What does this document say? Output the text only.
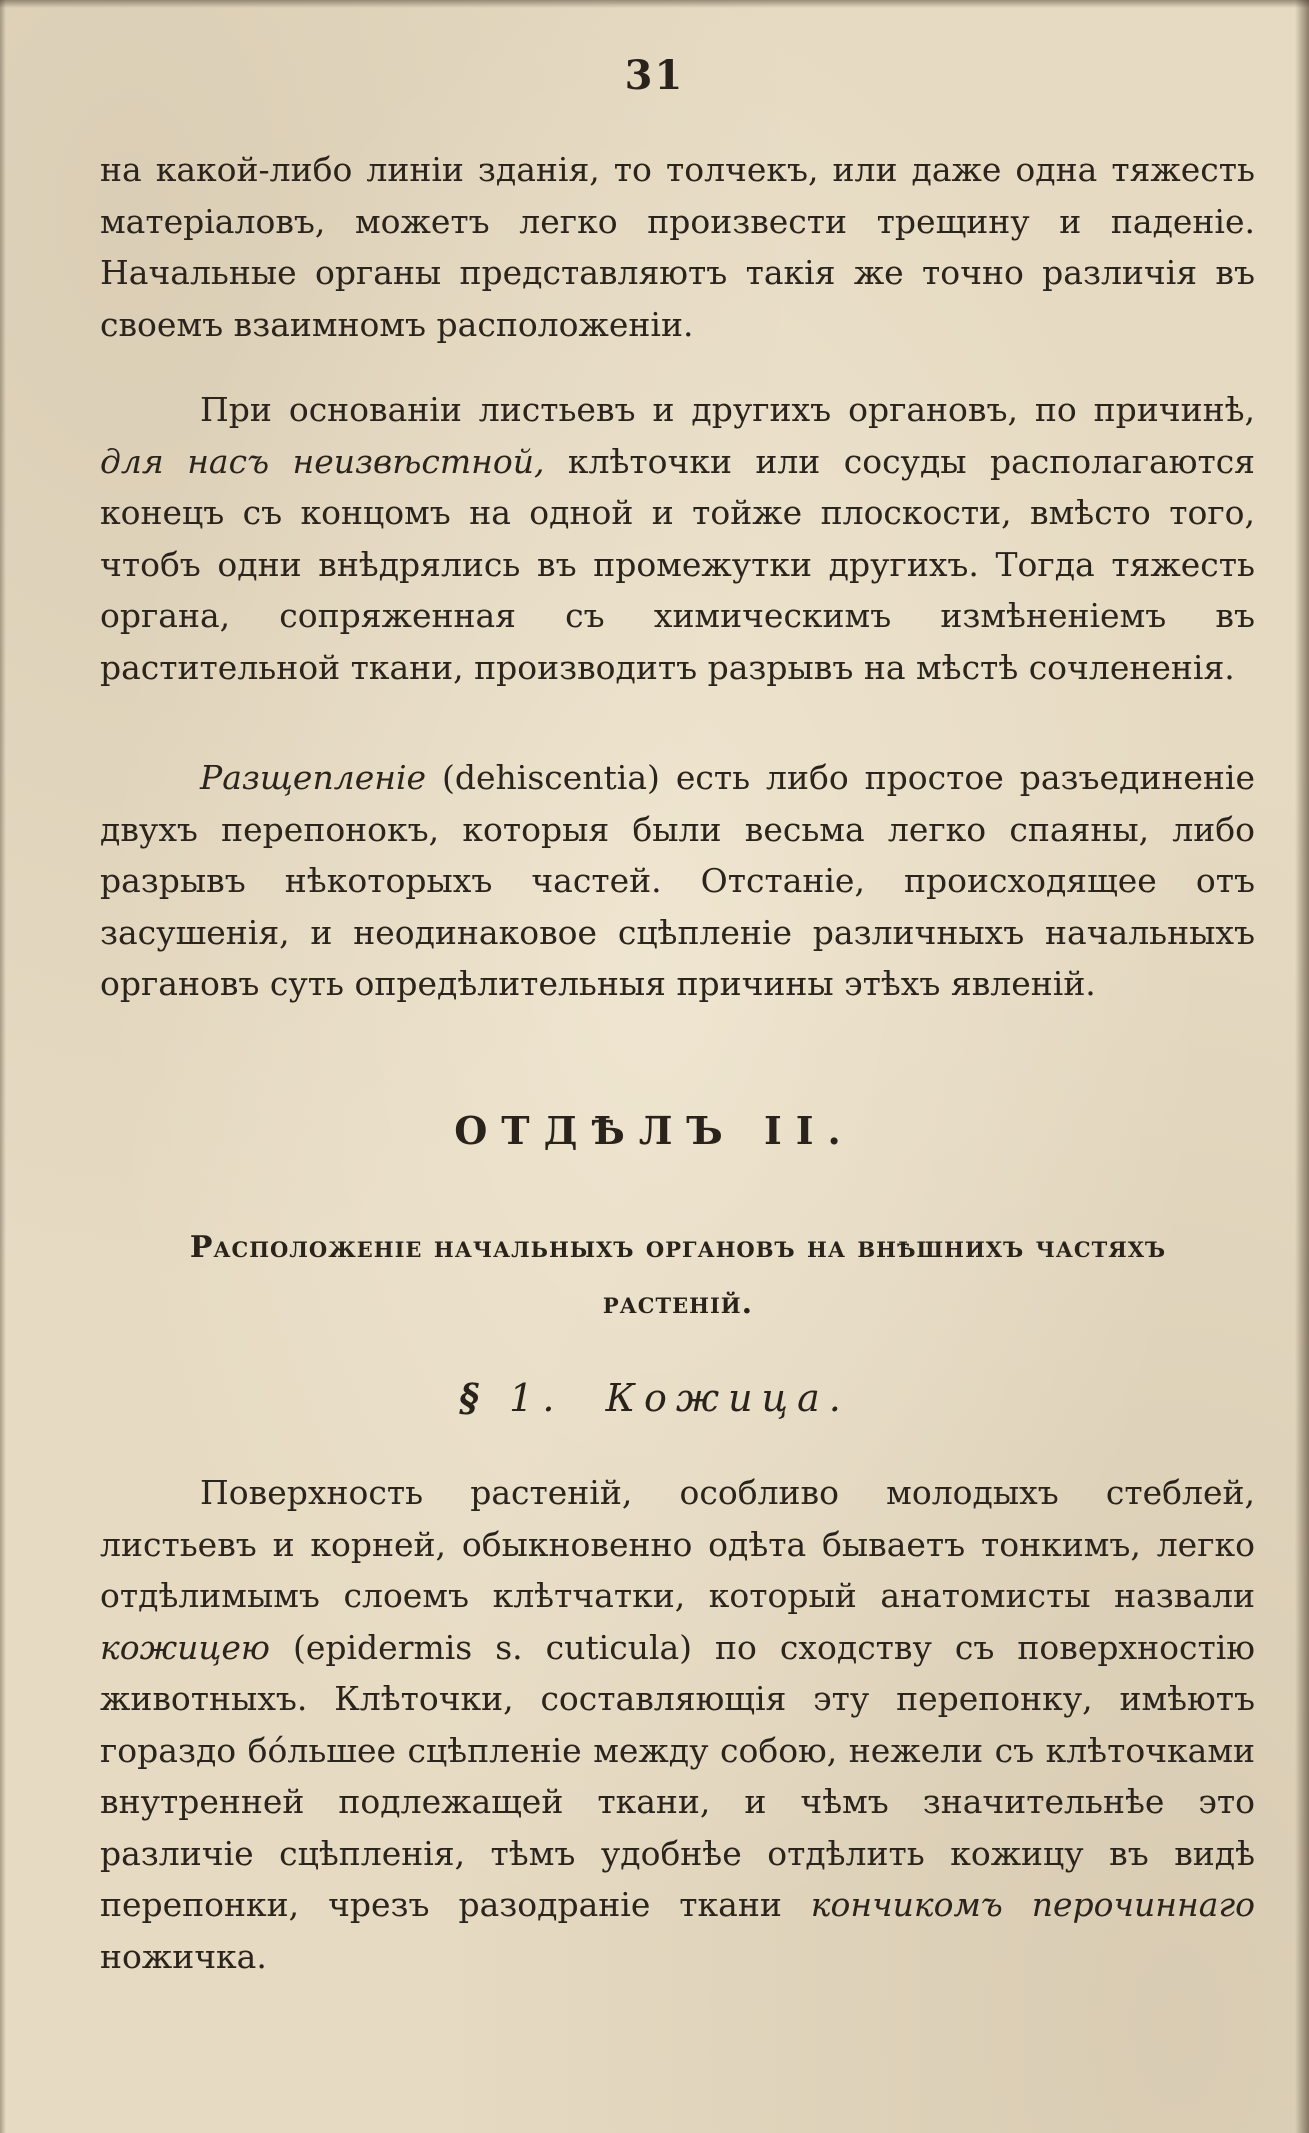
31
на какой-либо линіи зданія, то толчекъ, или даже одна тяжесть матеріаловъ, можетъ легко произвести трещину и паденіе. Начальные органы представляютъ такія же точно различія въ своемъ взаимномъ расположеніи.
При основаніи листьевъ и другихъ органовъ, по причинѣ, для насъ неизвѣстной, клѣточки или сосуды располагаются конецъ съ концомъ на одной и тойже плоскости, вмѣсто того, чтобъ одни внѣдрялись въ промежутки другихъ. Тогда тяжесть органа, сопряженная съ химическимъ измѣненіемъ въ растительной ткани, производитъ разрывъ на мѣстѣ сочлененія.
Разщепленіе (dehiscentia) есть либо простое разъединеніе двухъ перепонокъ, которыя были весьма легко спаяны, либо разрывъ нѣкоторыхъ частей. Отстаніе, происходящее отъ засушенія, и неодинаковое сцѣпленіе различныхъ начальныхъ органовъ суть опредѣлительныя причины этѣхъ явленій.
ОТДѢЛЪ II.
Расположеніе начальныхъ органовъ на внѣшнихъ частяхъ растеній.
§ 1. Кожица.
Поверхность растеній, особливо молодыхъ стеблей, листьевъ и корней, обыкновенно одѣта бываетъ тонкимъ, легко отдѣлимымъ слоемъ клѣтчатки, который анатомисты назвали кожицею (epidermis s. cuticula) по сходству съ поверхностію животныхъ. Клѣточки, составляющія эту перепонку, имѣютъ гораздо бóльшее сцѣпленіе между собою, нежели съ клѣточками внутренней подлежащей ткани, и чѣмъ значительнѣе это различіе сцѣпленія, тѣмъ удобнѣе отдѣлить кожицу въ видѣ перепонки, чрезъ разодраніе ткани кончикомъ перочиннаго ножичка.
